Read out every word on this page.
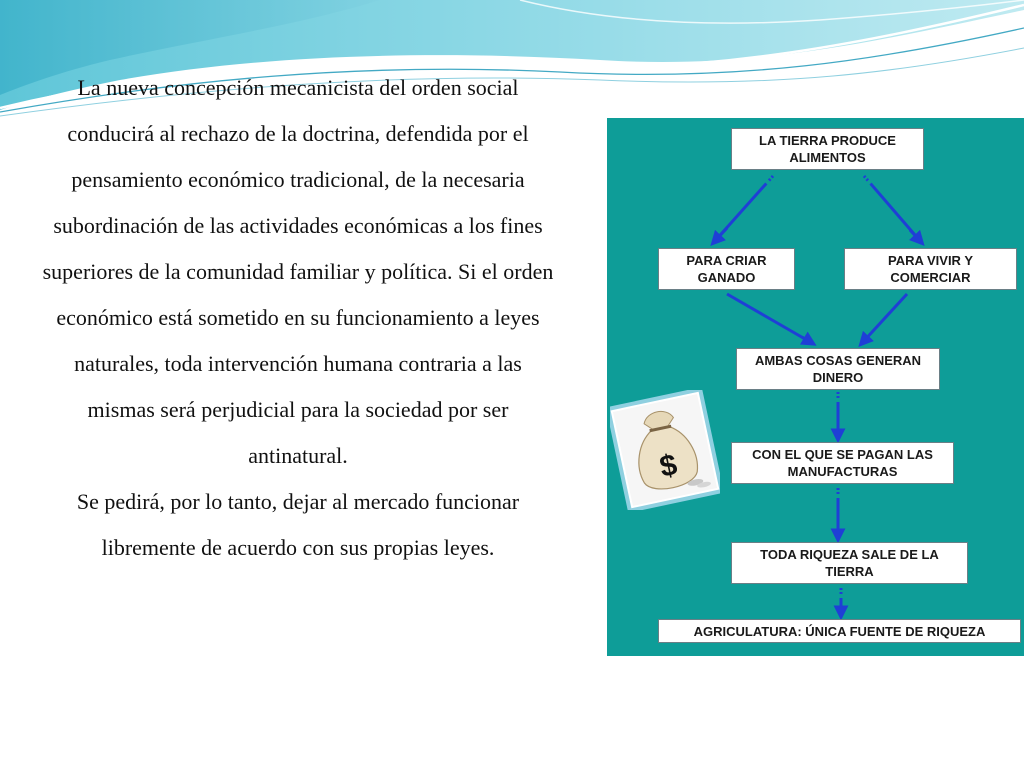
La nueva concepción mecanicista del orden social conducirá al rechazo de la doctrina, defendida por el pensamiento económico tradicional, de la necesaria subordinación de las actividades económicas a los fines superiores de la comunidad familiar y política. Si el orden económico está sometido en su funcionamiento a leyes naturales, toda intervención humana contraria a las mismas será perjudicial para la sociedad por ser antinatural.

Se pedirá, por lo tanto, dejar al mercado funcionar libremente de acuerdo con sus propias leyes.

LA TIERRA PRODUCE ALIMENTOS
PARA CRIAR GANADO
PARA VIVIR Y COMERCIAR
AMBAS COSAS GENERAN DINERO
CON EL QUE SE PAGAN LAS MANUFACTURAS
TODA RIQUEZA SALE DE LA TIERRA
AGRICULATURA: ÚNICA FUENTE DE RIQUEZA
$
